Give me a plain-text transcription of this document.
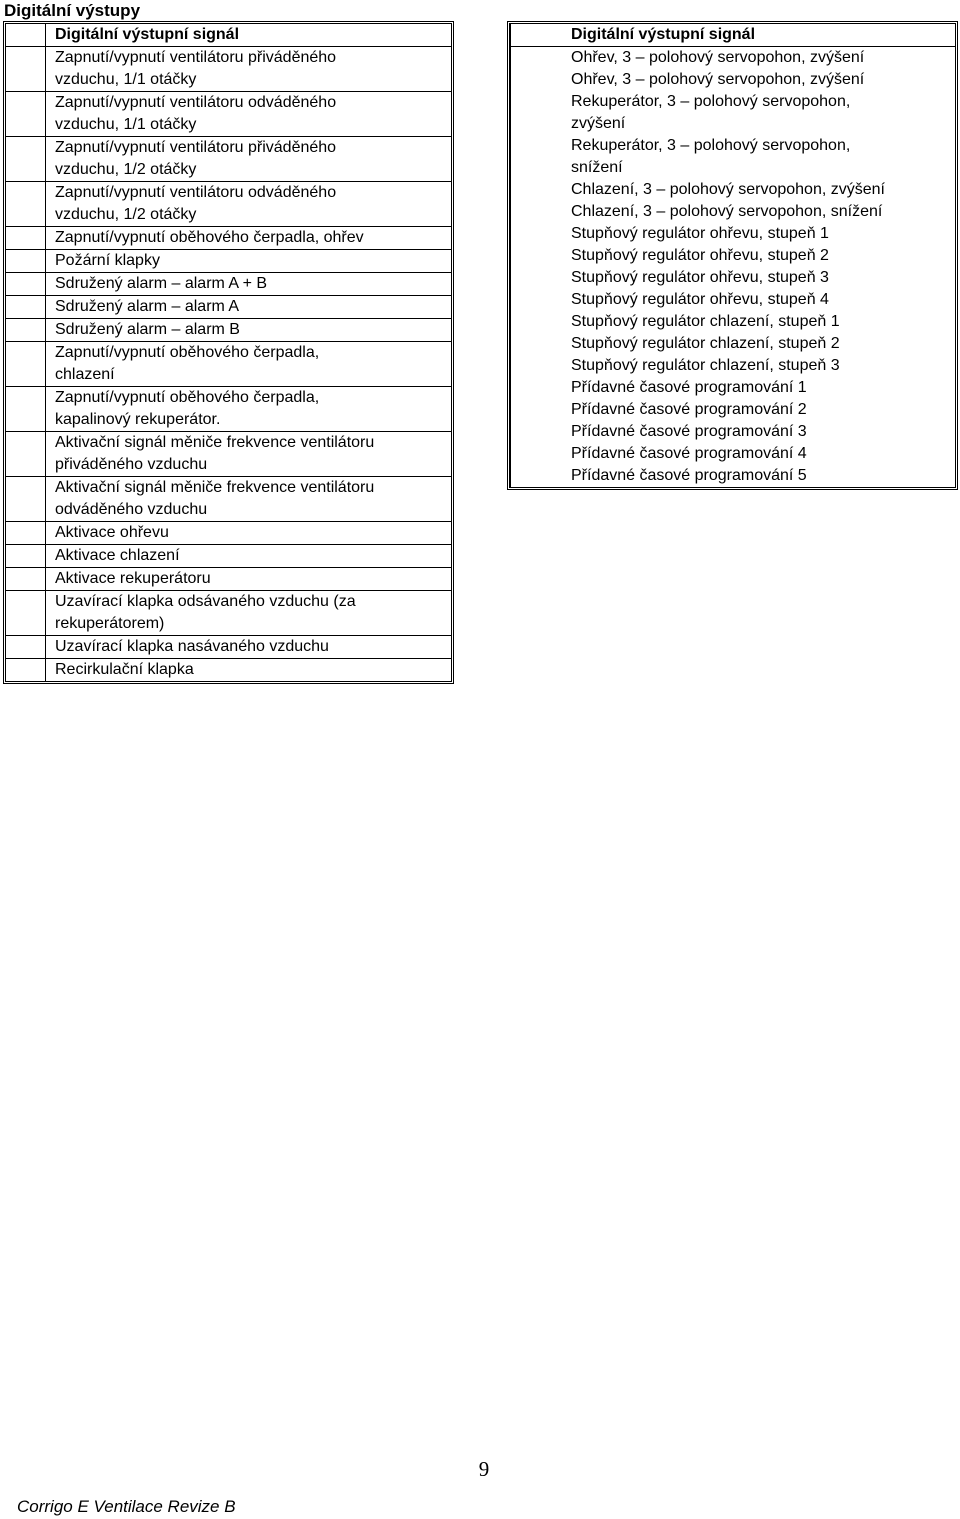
Digitální výstupy
	Digitální výstupní signál
	Zapnutí/vypnutí ventilátoru přiváděného
vzduchu, 1/1 otáčky
	Zapnutí/vypnutí ventilátoru odváděného
vzduchu, 1/1 otáčky
	Zapnutí/vypnutí ventilátoru přiváděného
vzduchu, 1/2 otáčky
	Zapnutí/vypnutí ventilátoru odváděného
vzduchu, 1/2 otáčky
	Zapnutí/vypnutí oběhového čerpadla, ohřev
	Požární klapky
	Sdružený alarm – alarm A + B
	Sdružený alarm – alarm A
	Sdružený alarm – alarm B
	Zapnutí/vypnutí oběhového čerpadla,
chlazení
	Zapnutí/vypnutí oběhového čerpadla,
kapalinový rekuperátor.
	Aktivační signál měniče frekvence ventilátoru
přiváděného vzduchu
	Aktivační signál měniče frekvence ventilátoru
odváděného vzduchu
	Aktivace ohřevu
	Aktivace chlazení
	Aktivace rekuperátoru
	Uzavírací klapka odsávaného vzduchu (za
rekuperátorem)
	Uzavírací klapka nasávaného vzduchu
	Recirkulační klapka
Digitální výstupní signál
Ohřev, 3 – polohový servopohon, zvýšení
Ohřev, 3 – polohový servopohon, zvýšení
Rekuperátor, 3 – polohový servopohon,
zvýšení
Rekuperátor, 3 – polohový servopohon,
snížení
Chlazení, 3 – polohový servopohon, zvýšení
Chlazení, 3 – polohový servopohon, snížení
Stupňový regulátor ohřevu, stupeň 1
Stupňový regulátor ohřevu, stupeň 2
Stupňový regulátor ohřevu, stupeň 3
Stupňový regulátor ohřevu, stupeň 4
Stupňový regulátor chlazení, stupeň 1
Stupňový regulátor chlazení, stupeň 2
Stupňový regulátor chlazení, stupeň 3
Přídavné časové programování 1
Přídavné časové programování 2
Přídavné časové programování 3
Přídavné časové programování 4
Přídavné časové programování 5
9
Corrigo E Ventilace Revize B
